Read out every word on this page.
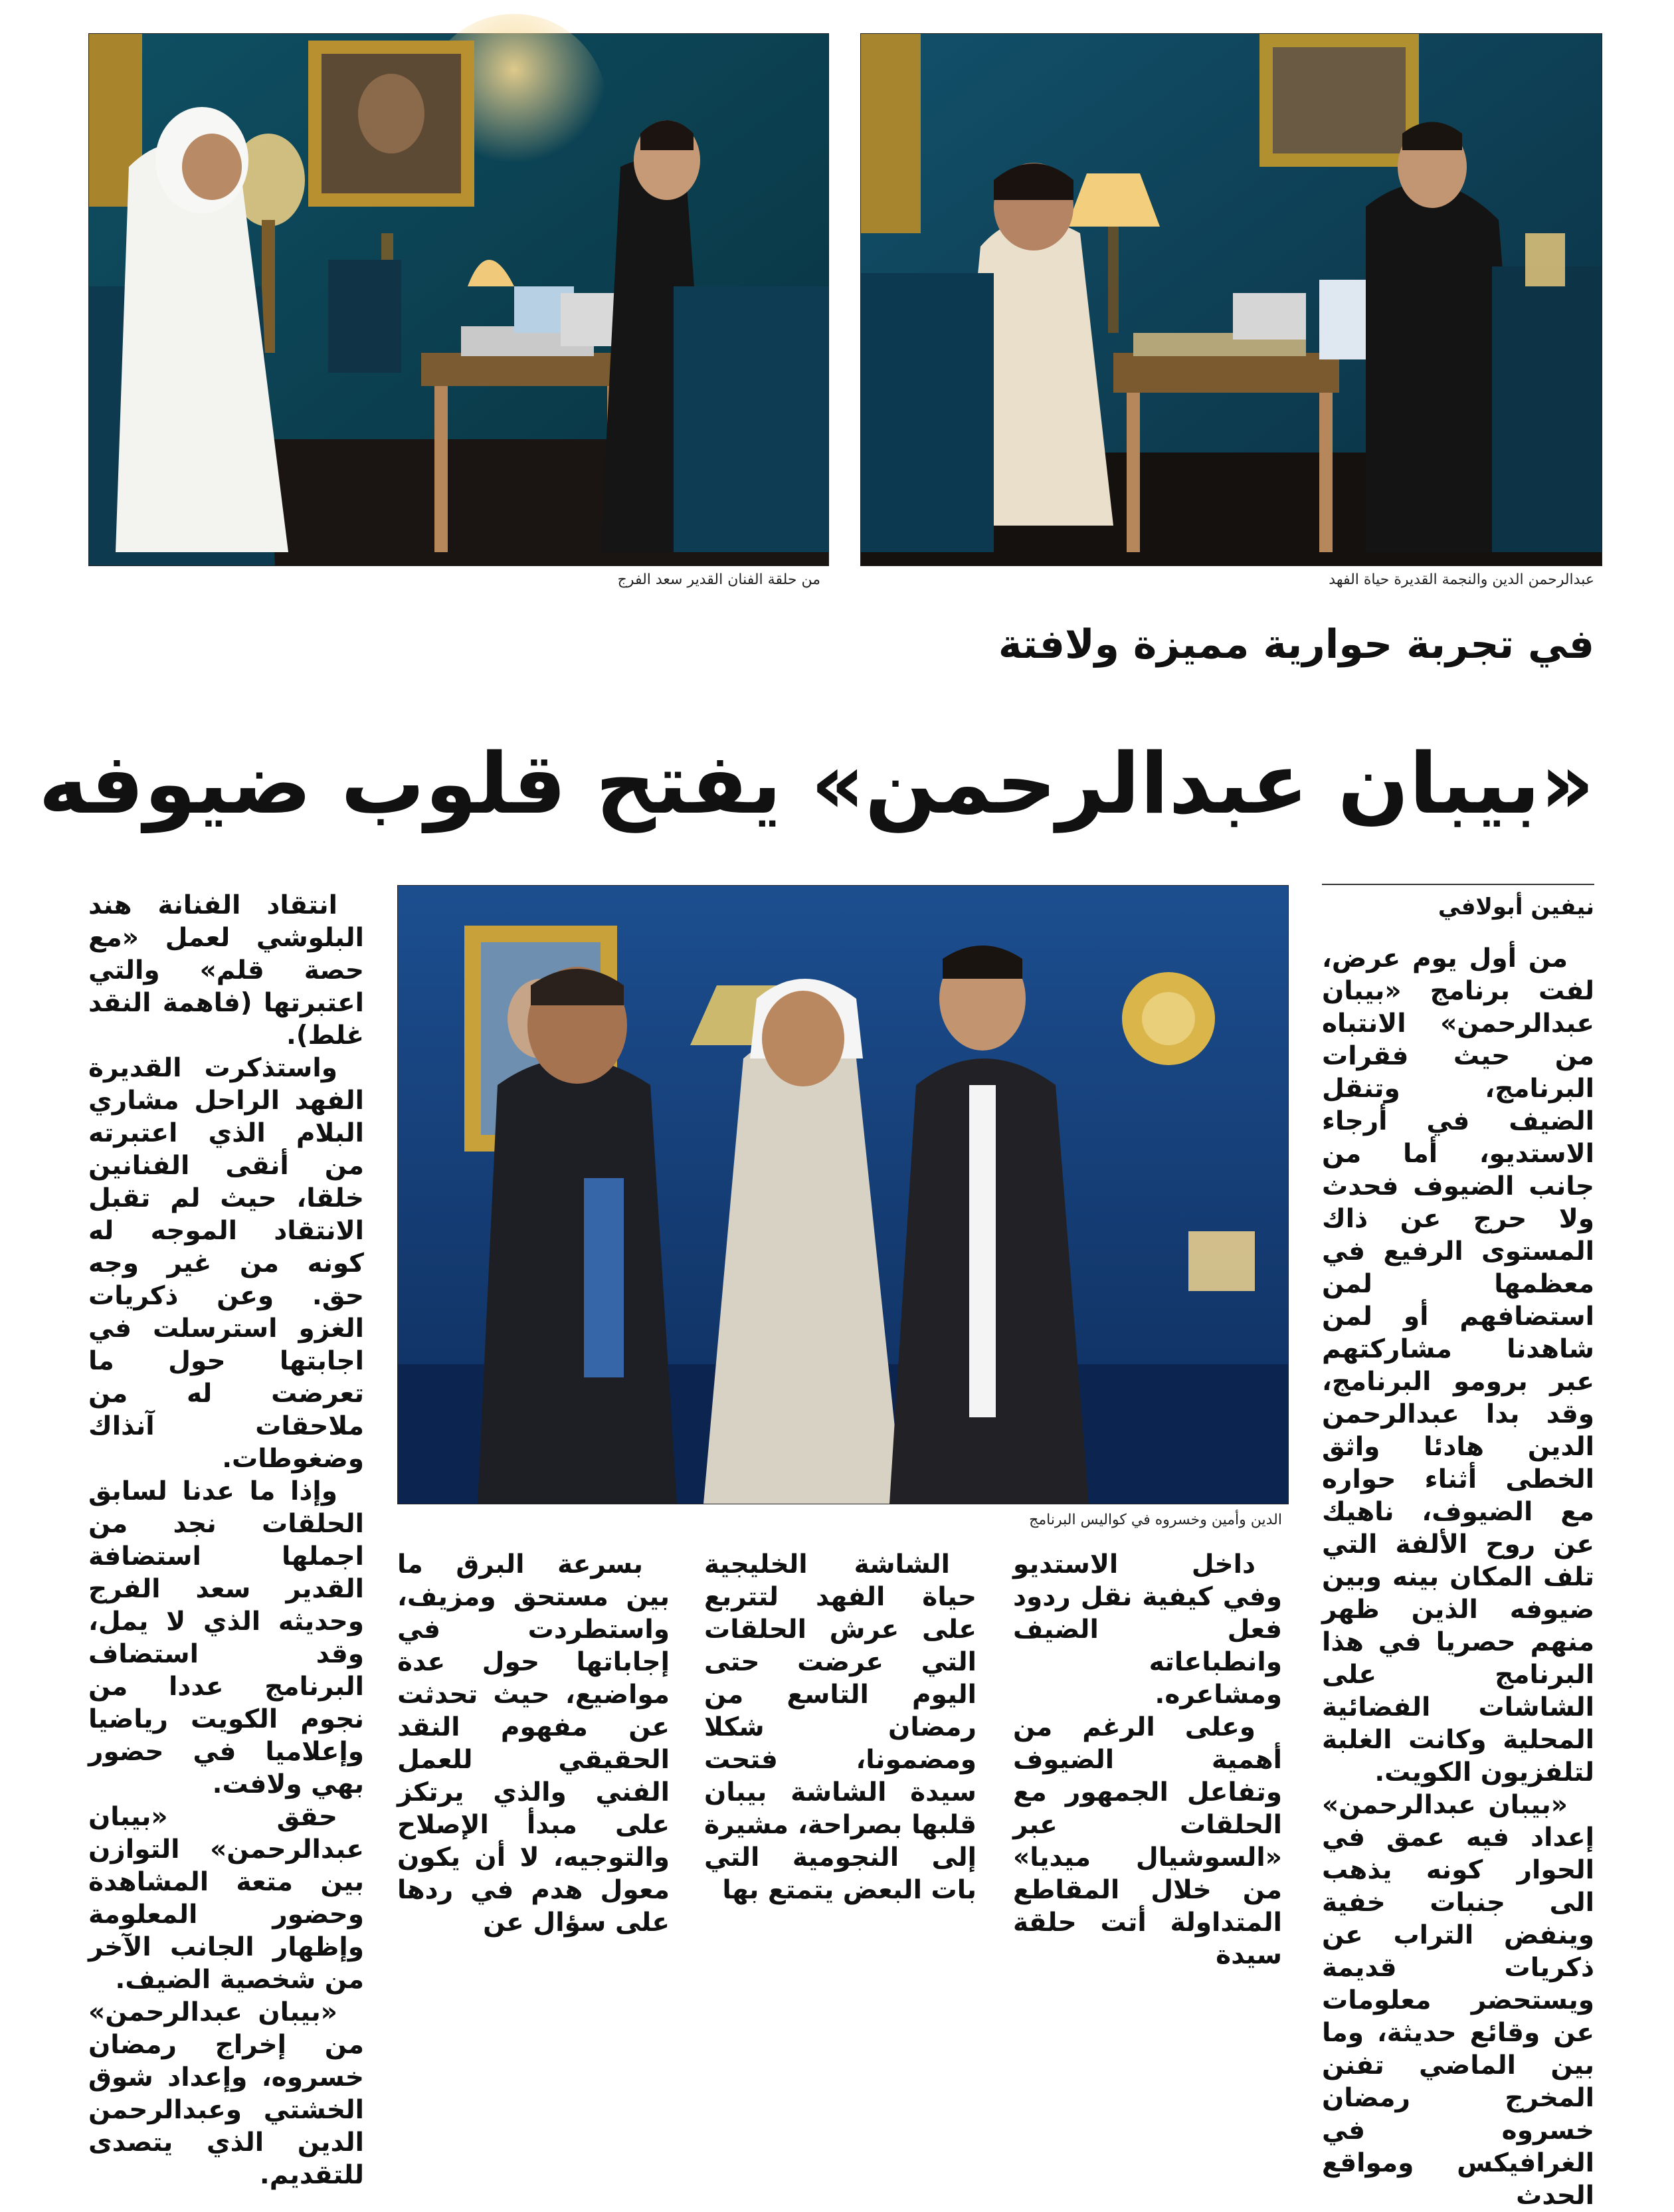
من حلقة الفنان القدير سعد الفرج	عبدالرحمن الدين والنجمة القديرة حياة الفهد
في تجربة حوارية مميزة ولافتة
«بيبان عبدالرحمن» يفتح قلوب ضيوفه
نيفين أبولافي
الدين وأمين وخسروه في كواليس البرنامج

من أول يوم عرض، لفت برنامج «بيبان عبدالرحمن» الانتباه من حيث فقرات البرنامج، وتنقل الضيف في أرجاء الاستديو، أما من جانب الضيوف فحدث ولا حرج عن ذاك المستوى الرفيع في معظمها لمن استضافهم أو لمن شاهدنا مشاركتهم عبر برومو البرنامج، وقد بدا عبدالرحمن الدين هادئا واثق الخطى أثناء حواره مع الضيوف، ناهيك عن روح الألفة التي تلف المكان بينه وبين ضيوفه الذين ظهر منهم حصريا في هذا البرنامج على الشاشات الفضائية المحلية وكانت الغلبة لتلفزيون الكويت.

«بيبان عبدالرحمن» إعداد فيه عمق في الحوار كونه يذهب الى جنبات خفية وينفض التراب عن ذكريات قديمة ويستحضر معلومات عن وقائع حديثة، وما بين الماضي تفنن المخرج رمضان خسروه في الغرافيكس ومواقع الحدث

داخل الاستديو وفي كيفية نقل ردود فعل الضيف وانطباعاته ومشاعره.

وعلى الرغم من أهمية الضيوف وتفاعل الجمهور مع الحلقات عبر «السوشيال ميديا» من خلال المقاطع المتداولة أتت حلقة سيدة

الشاشة الخليجية حياة الفهد لتتربع على عرش الحلقات التي عرضت حتى اليوم التاسع من رمضان شكلا ومضمونا، فتحت سيدة الشاشة بيبان قلبها بصراحة، مشيرة إلى النجومية التي بات البعض يتمتع بها

بسرعة البرق ما بين مستحق ومزيف، واستطردت في إجاباتها حول عدة مواضيع، حيث تحدثت عن مفهوم النقد الحقيقي للعمل الفني والذي يرتكز على مبدأ الإصلاح والتوجيه، لا أن يكون معول هدم في ردها على سؤال عن

انتقاد الفنانة هند البلوشي لعمل «مع حصة قلم» والتي اعتبرتها (فاهمة النقد غلط).

واستذكرت القديرة الفهد الراحل مشاري البلام الذي اعتبرته من أنقى الفنانين خلقا، حيث لم تقبل الانتقاد الموجه له كونه من غير وجه حق. وعن ذكريات الغزو استرسلت في اجابتها حول ما تعرضت له من ملاحقات آنذاك وضغوطات.

وإذا ما عدنا لسابق الحلقات نجد من اجملها استضافة القدير سعد الفرج وحديثه الذي لا يمل، وقد استضاف البرنامج عددا من نجوم الكويت رياضيا وإعلاميا في حضور بهي ولافت.

حقق «بيبان عبدالرحمن» التوازن بين متعة المشاهدة وحضور المعلومة وإظهار الجانب الآخر من شخصية الضيف.

«بيبان عبدالرحمن» من إخراج رمضان خسروه، وإعداد شوق الخشتي وعبدالرحمن الدين الذي يتصدى للتقديم.
